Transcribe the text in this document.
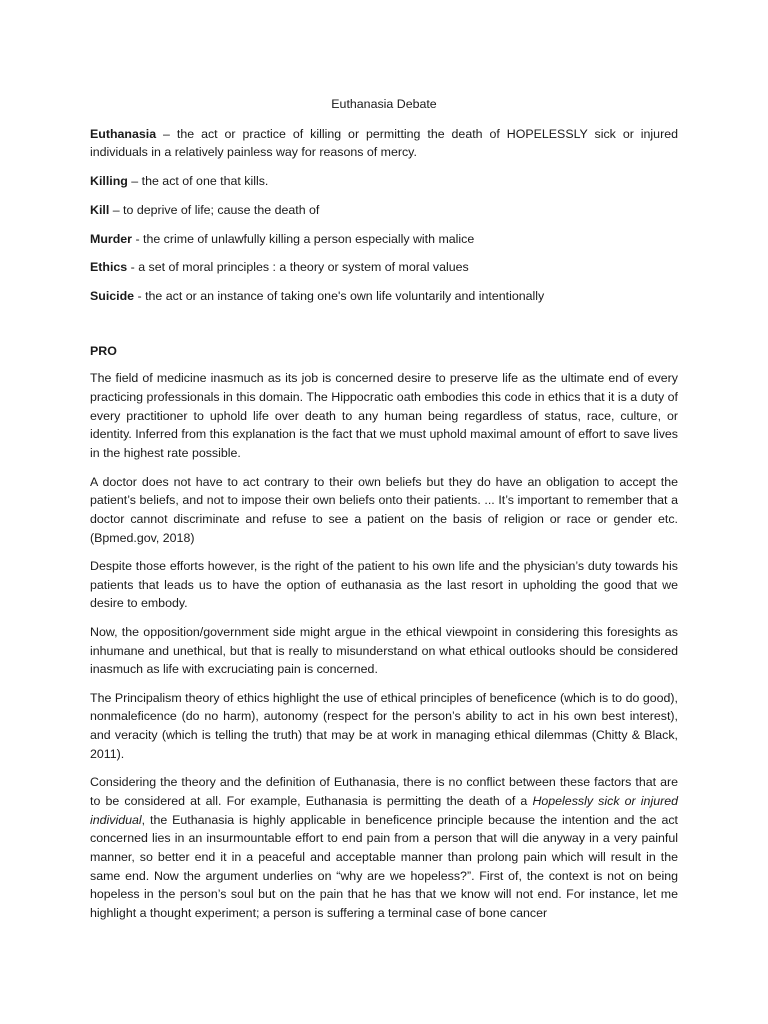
Euthanasia Debate

Euthanasia – the act or practice of killing or permitting the death of HOPELESSLY sick or injured individuals in a relatively painless way for reasons of mercy.

Killing – the act of one that kills.

Kill – to deprive of life; cause the death of

Murder - the crime of unlawfully killing a person especially with malice

Ethics - a set of moral principles : a theory or system of moral values

Suicide - the act or an instance of taking one's own life voluntarily and intentionally

PRO

The field of medicine inasmuch as its job is concerned desire to preserve life as the ultimate end of every practicing professionals in this domain. The Hippocratic oath embodies this code in ethics that it is a duty of every practitioner to uphold life over death to any human being regardless of status, race, culture, or identity. Inferred from this explanation is the fact that we must uphold maximal amount of effort to save lives in the highest rate possible.

A doctor does not have to act contrary to their own beliefs but they do have an obligation to accept the patient’s beliefs, and not to impose their own beliefs onto their patients. ... It’s important to remember that a doctor cannot discriminate and refuse to see a patient on the basis of religion or race or gender etc. (Bpmed.gov, 2018)

Despite those efforts however, is the right of the patient to his own life and the physician’s duty towards his patients that leads us to have the option of euthanasia as the last resort in upholding the good that we desire to embody.

Now, the opposition/government side might argue in the ethical viewpoint in considering this foresights as inhumane and unethical, but that is really to misunderstand on what ethical outlooks should be considered inasmuch as life with excruciating pain is concerned.

The Principalism theory of ethics highlight the use of ethical principles of beneficence (which is to do good), nonmaleficence (do no harm), autonomy (respect for the person’s ability to act in his own best interest), and veracity (which is telling the truth) that may be at work in managing ethical dilemmas (Chitty & Black, 2011).

Considering the theory and the definition of Euthanasia, there is no conflict between these factors that are to be considered at all. For example, Euthanasia is permitting the death of a Hopelessly sick or injured individual, the Euthanasia is highly applicable in beneficence principle because the intention and the act concerned lies in an insurmountable effort to end pain from a person that will die anyway in a very painful manner, so better end it in a peaceful and acceptable manner than prolong pain which will result in the same end. Now the argument underlies on “why are we hopeless?”. First of, the context is not on being hopeless in the person’s soul but on the pain that he has that we know will not end. For instance, let me highlight a thought experiment; a person is suffering a terminal case of bone cancer
